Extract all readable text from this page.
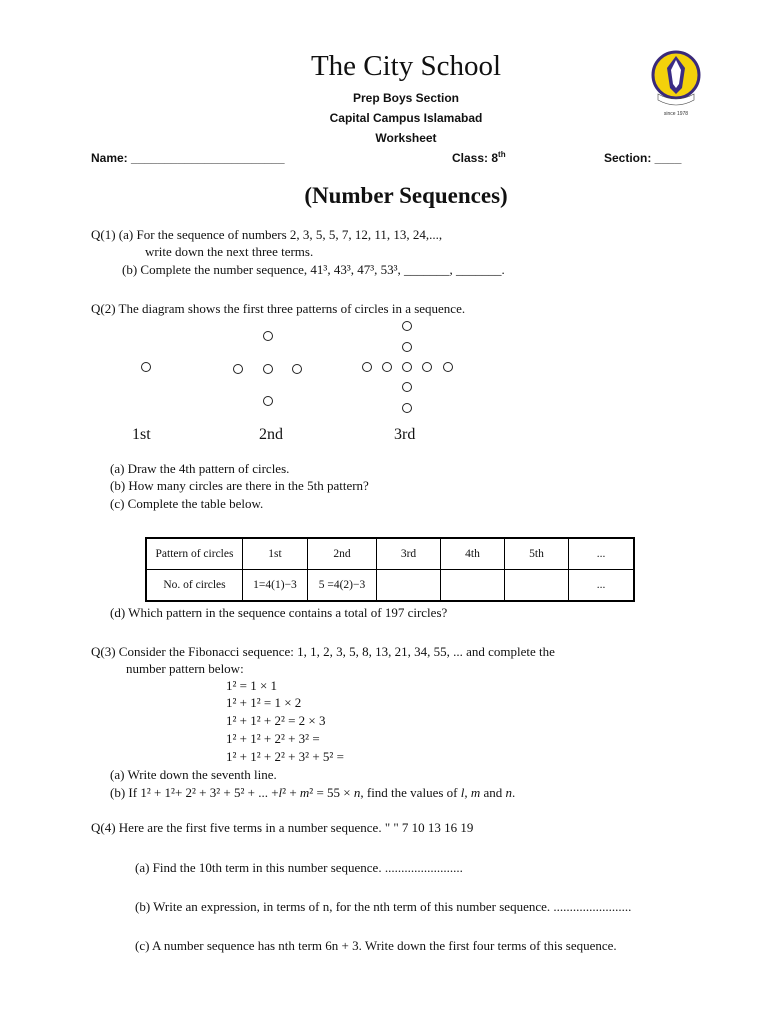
The City School
Prep Boys Section
Capital Campus Islamabad
Worksheet
since 1978
Name: _______________________	Class: 8th	Section: ____
(Number Sequences)
Q(1) (a) For the sequence of numbers 2, 3, 5, 5, 7, 12, 11, 13, 24,...,
write down the next three terms.
(b) Complete the number sequence, 41³, 43³, 47³, 53³, _______, _______.
Q(2) The diagram shows the first three patterns of circles in a sequence.
1st	2nd	3rd
(a) Draw the 4th pattern of circles.
(b) How many circles are there in the 5th pattern?
(c) Complete the table below.
Pattern of circles	1st	2nd	3rd	4th	5th	...
No. of circles	1=4(1)−3	5 =4(2)−3				...
(d) Which pattern in the sequence contains a total of 197 circles?
Q(3) Consider the Fibonacci sequence: 1, 1, 2, 3, 5, 8, 13, 21, 34, 55, ... and complete the
number pattern below:
1² = 1 × 1
1² + 1² = 1 × 2
1² + 1² + 2² = 2 × 3
1² + 1² + 2² + 3² =
1² + 1² + 2² + 3² + 5² =
(a) Write down the seventh line.
(b) If 1² + 1²+ 2² + 3² + 5² + ... +l² + m² = 55 × n, find the values of l, m and n.
Q(4) Here are the first five terms in a number sequence. " " 7 10 13 16 19
(a) Find the 10th term in this number sequence. ........................
(b) Write an expression, in terms of n, for the nth term of this number sequence. ........................
(c) A number sequence has nth term 6n + 3. Write down the first four terms of this sequence.
